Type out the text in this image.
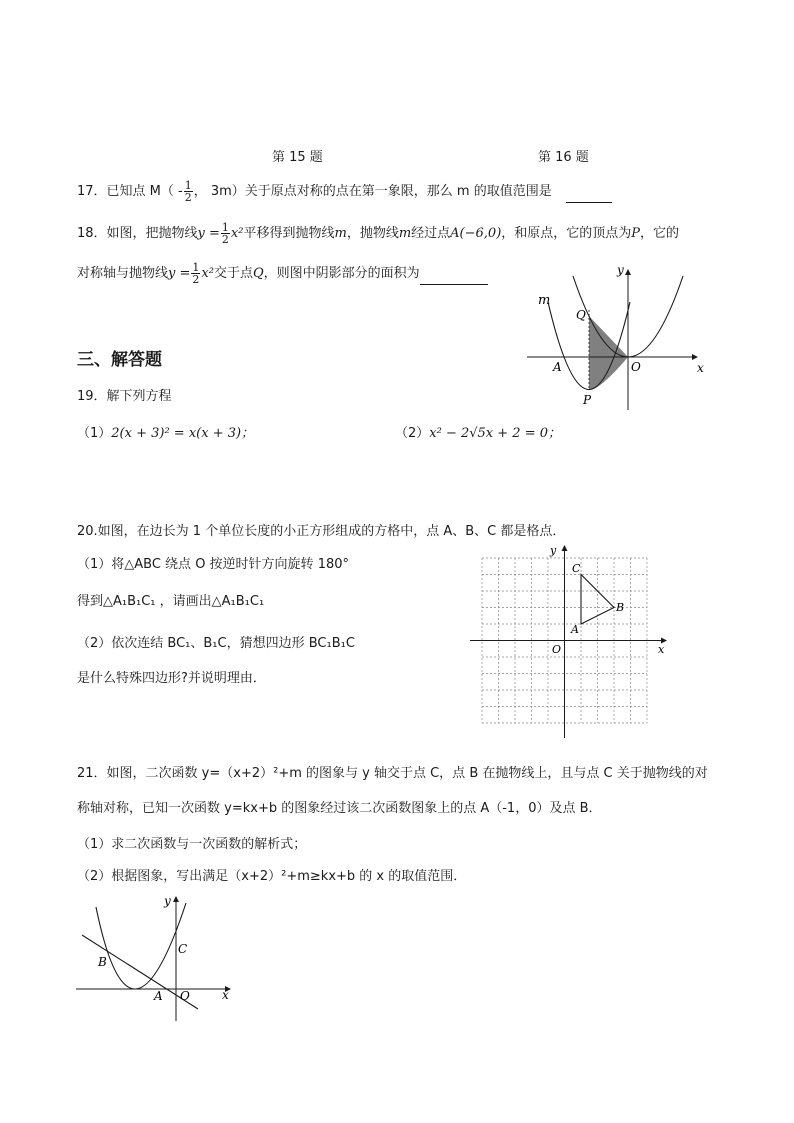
第 15 题	第 16 题
17．已知点 $M( - \frac{1}{2}$ ， 3m）关于原点对称的点在第一象限，那么 m 的取值范围是
18．如图，把抛物线$y = \frac{1}{2} x^2$平移得到抛物线m，抛物线m经过点A(−6,0)，和原点，它的顶点为P，它的
对称轴与抛物线$y = \frac{1}{2} x^2$交于点Q，则图中阴影部分的面积为
m
y
x
Q
A	O
P
三、解答题
19．解下列方程
（1）2(x + 3)² = x(x + 3)；	（2）x² − 2√5x + 2 = 0；
20.如图，在边长为 1 个单位长度的小正方形组成的方格中，点 A、B、C 都是格点．
（1）将△ABC 绕点 O 按逆时针方向旋转 180°
得到△A₁B₁C₁ ，请画出△A₁B₁C₁
（2）依次连结 BC₁、B₁C，猜想四边形 BC₁B₁C
是什么特殊四边形?并说明理由．
y
x
O
A
B
C
21．如图，二次函数 y=（x+2）²+m 的图象与 y 轴交于点 C，点 B 在抛物线上，且与点 C 关于抛物线的对
称轴对称，已知一次函数 y=kx+b 的图象经过该二次函数图象上的点 A（-1，0）及点 B．
（1）求二次函数与一次函数的解析式；
（2）根据图象，写出满足（x+2）²+m≥kx+b 的 x 的取值范围．
y
x
O
A
B
C
